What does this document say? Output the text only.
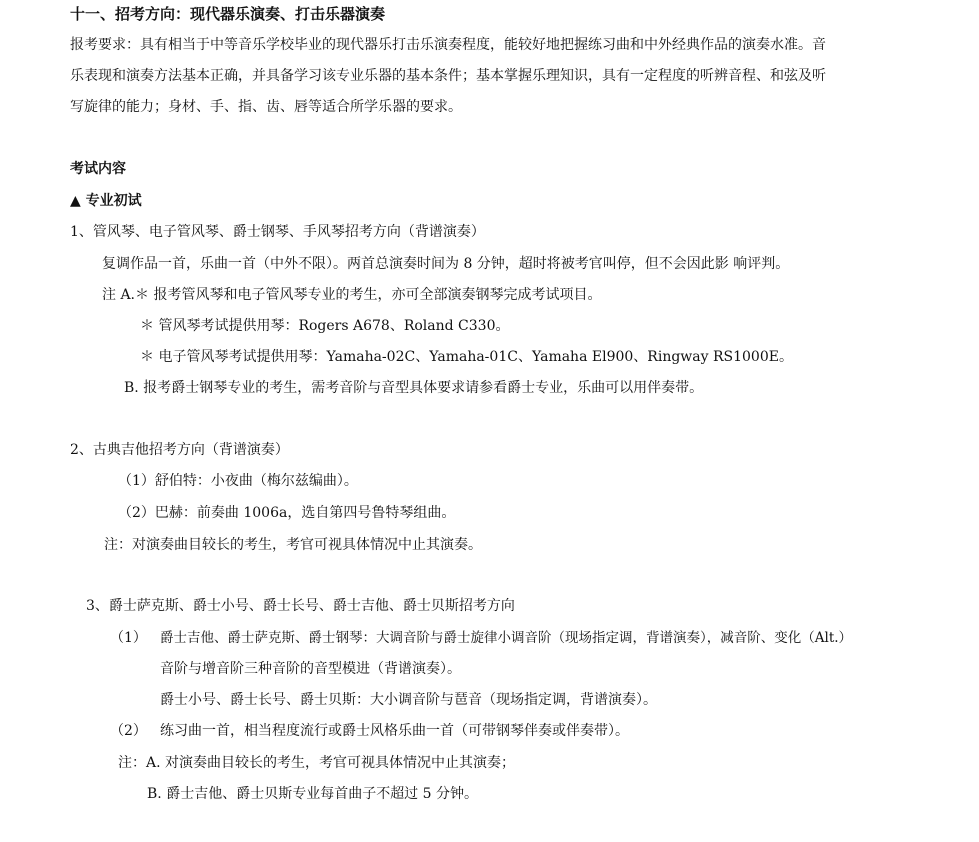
十一、招考方向：现代器乐演奏、打击乐器演奏
报考要求：具有相当于中等音乐学校毕业的现代器乐打击乐演奏程度，能较好地把握练习曲和中外经典作品的演奏水准。音
乐表现和演奏方法基本正确，并具备学习该专业乐器的基本条件；基本掌握乐理知识，具有一定程度的听辨音程、和弦及听
写旋律的能力；身材、手、指、齿、唇等适合所学乐器的要求。
考试内容
▲ 专业初试
1、管风琴、电子管风琴、爵士钢琴、手风琴招考方向（背谱演奏）
复调作品一首，乐曲一首（中外不限）。两首总演奏时间为 8 分钟，超时将被考官叫停，但不会因此影 响评判。
注 A.＊ 报考管风琴和电子管风琴专业的考生，亦可全部演奏钢琴完成考试项目。
＊ 管风琴考试提供用琴：Rogers A678、Roland C330。
＊ 电子管风琴考试提供用琴：Yamaha-02C、Yamaha-01C、Yamaha El900、Ringway RS1000E。
B. 报考爵士钢琴专业的考生，需考音阶与音型具体要求请参看爵士专业，乐曲可以用伴奏带。
2、古典吉他招考方向（背谱演奏）
（1）舒伯特：小夜曲（梅尔兹编曲）。
（2）巴赫：前奏曲 1006a，选自第四号鲁特琴组曲。
注：对演奏曲目较长的考生，考官可视具体情况中止其演奏。
3、爵士萨克斯、爵士小号、爵士长号、爵士吉他、爵士贝斯招考方向
（1） 爵士吉他、爵士萨克斯、爵士钢琴：大调音阶与爵士旋律小调音阶（现场指定调，背谱演奏），减音阶、变化（Alt.）
音阶与增音阶三种音阶的音型模进（背谱演奏）。
爵士小号、爵士长号、爵士贝斯：大小调音阶与琶音（现场指定调，背谱演奏）。
（2） 练习曲一首，相当程度流行或爵士风格乐曲一首（可带钢琴伴奏或伴奏带）。
注：A. 对演奏曲目较长的考生，考官可视具体情况中止其演奏；
B. 爵士吉他、爵士贝斯专业每首曲子不超过 5 分钟。
